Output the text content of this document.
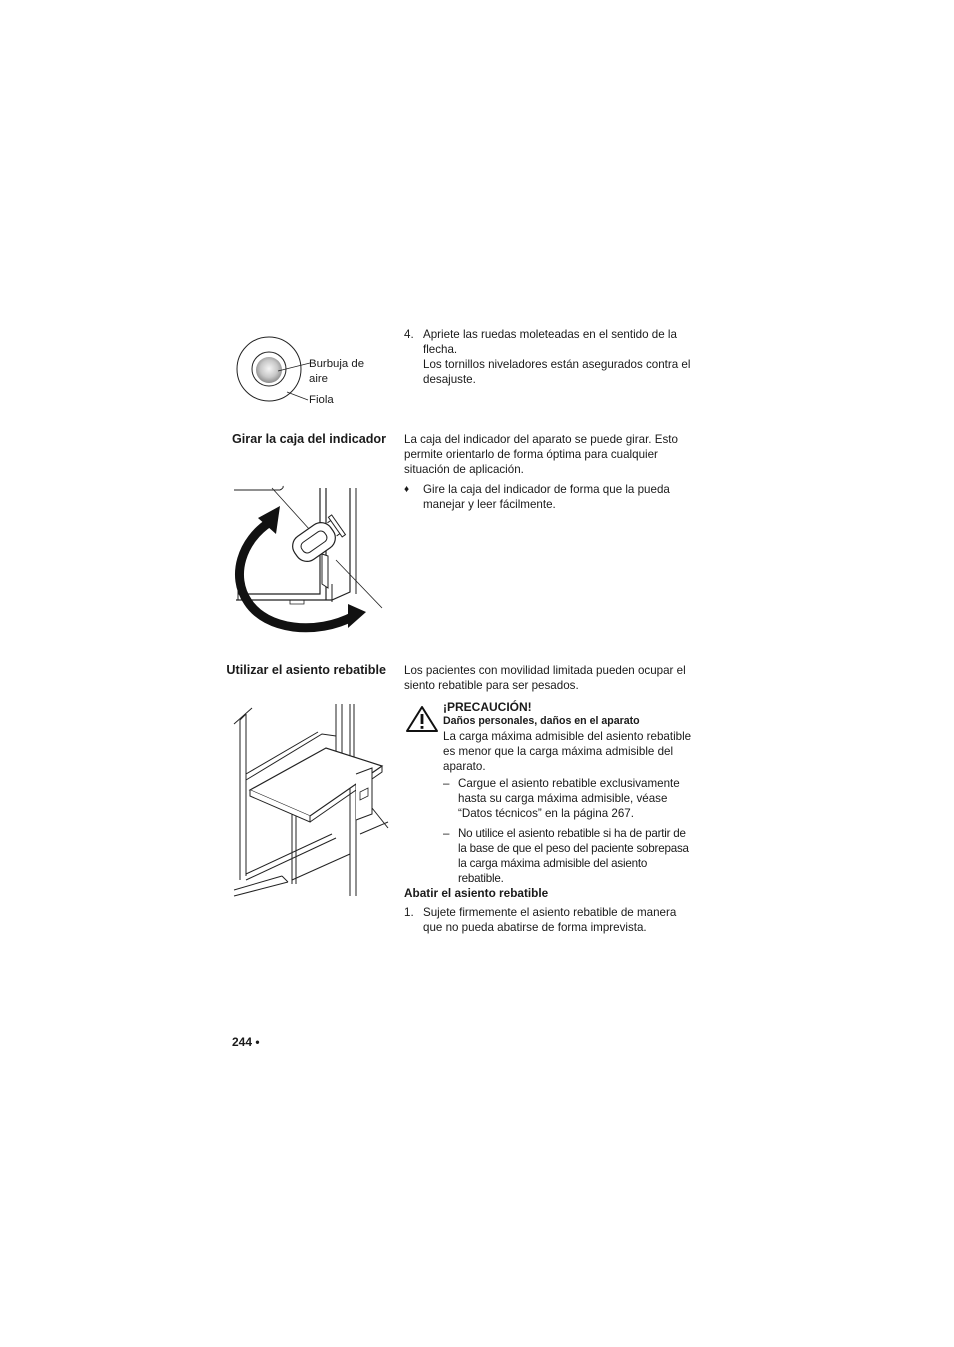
Burbuja de aire
Fiola
4. Apriete las ruedas moleteadas en el sentido de la flecha.
Los tornillos niveladores están asegurados contra el desajuste.
Girar la caja del indicador La caja del indicador del aparato se puede girar. Esto permite orientarlo de forma óptima para cualquier situación de aplicación.
♦ Gire la caja del indicador de forma que la pueda manejar y leer fácilmente.
Utilizar el asiento rebatible Los pacientes con movilidad limitada pueden ocupar el siento rebatible para ser pesados.
¡PRECAUCIÓN!
Daños personales, daños en el aparato
La carga máxima admisible del asiento rebatible es menor que la carga máxima admisible del aparato.
– Cargue el asiento rebatible exclusivamente hasta su carga máxima admisible, véase “Datos técnicos” en la página 267.
– No utilice el asiento rebatible si ha de partir de la base de que el peso del paciente sobrepasa la carga máxima admisible del asiento rebatible.
Abatir el asiento rebatible
1. Sujete firmemente el asiento rebatible de manera que no pueda abatirse de forma imprevista.
244 •
